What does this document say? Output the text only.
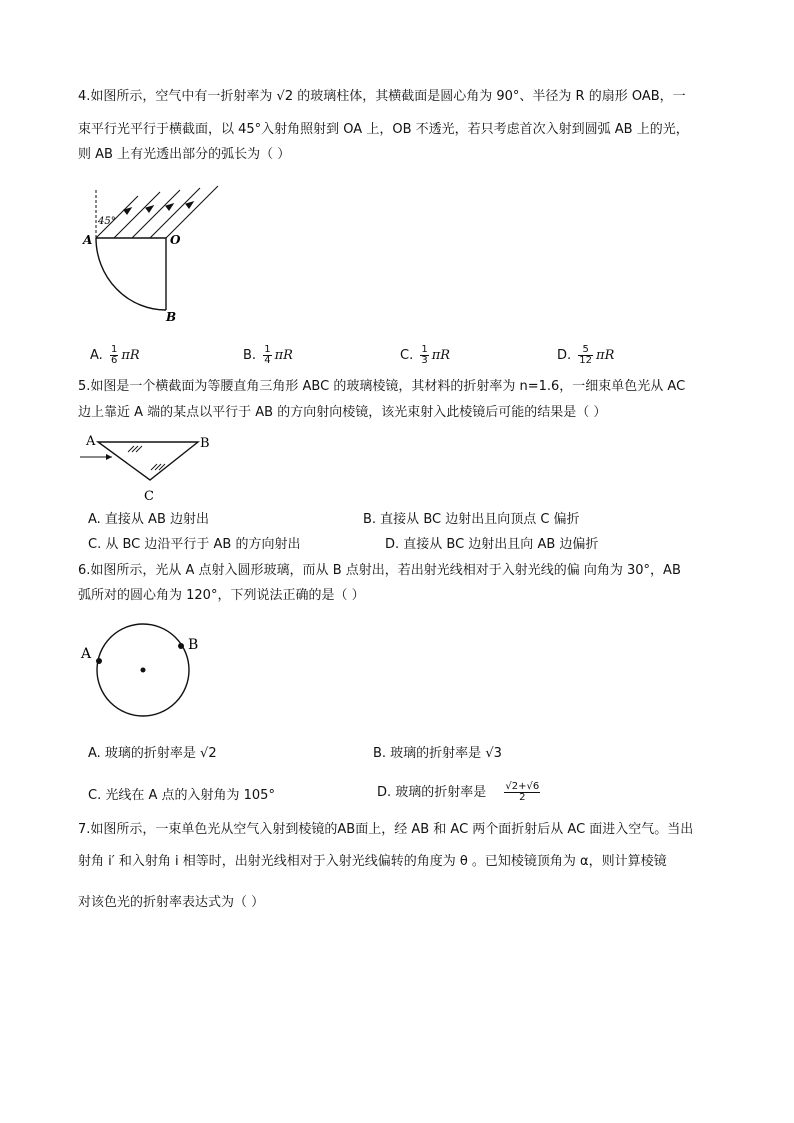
4.如图所示，空气中有一折射率为 √2 的玻璃柱体，其横截面是圆心角为 90°、半径为 R 的扇形 OAB，一
束平行光平行于横截面，以 45°入射角照射到 OA 上，OB 不透光，若只考虑首次入射到圆弧 AB 上的光，
则 AB 上有光透出部分的弧长为（ ）
45°
A	O
B
A. $\frac{1}{6}$ πR	B. $\frac{1}{4}$ πR	C. $\frac{1}{3}$ πR	D. $\frac{5}{12}$ πR
5.如图是一个横截面为等腰直角三角形 ABC 的玻璃棱镜，其材料的折射率为 n=1.6，一细束单色光从 AC
边上靠近 A 端的某点以平行于 AB 的方向射向棱镜，该光束射入此棱镜后可能的结果是（ ）
A	B
C
A. 直接从 AB 边射出	B. 直接从 BC 边射出且向顶点 C 偏折
C. 从 BC 边沿平行于 AB 的方向射出	D. 直接从 BC 边射出且向 AB 边偏折
6.如图所示，光从 A 点射入圆形玻璃，而从 B 点射出，若出射光线相对于入射光线的偏 向角为 30°，AB
弧所对的圆心角为 120°，下列说法正确的是（ ）
A
B
A. 玻璃的折射率是 √2	B. 玻璃的折射率是 √3
C. 光线在 A 点的入射角为 105°	D. 玻璃的折射率是 $\frac{√2+√6}{2}$
7.如图所示，一束单色光从空气入射到棱镜的AB面上，经 AB 和 AC 两个面折射后从 AC 面进入空气。当出
射角 i′ 和入射角 i 相等时，出射光线相对于入射光线偏转的角度为 θ 。已知棱镜顶角为 α，则计算棱镜
对该色光的折射率表达式为（ ）
